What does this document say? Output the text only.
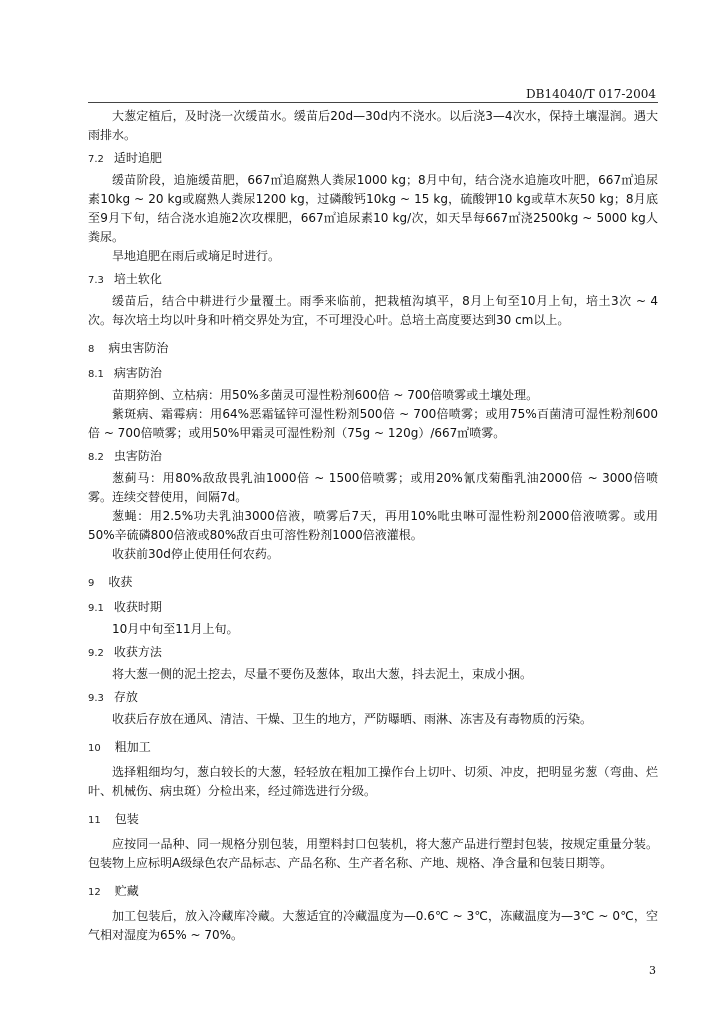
DB14040/T 017-2004

大葱定植后，及时浇一次缓苗水。缓苗后20d—30d内不浇水。以后浇3—4次水，保持土壤湿润。遇大雨排水。

7.2 适时追肥

缓苗阶段，追施缓苗肥，667㎡追腐熟人粪尿1000 kg；8月中旬，结合浇水追施攻叶肥，667㎡追尿素10kg ~ 20 kg或腐熟人粪尿1200 kg，过磷酸钙10kg ~ 15 kg，硫酸钾10 kg或草木灰50 kg；8月底至9月下旬，结合浇水追施2次攻棵肥，667㎡追尿素10 kg/次，如天旱每667㎡浇2500kg ~ 5000 kg人粪尿。

旱地追肥在雨后或墒足时进行。

7.3 培土软化

缓苗后，结合中耕进行少量覆土。雨季来临前，把栽植沟填平，8月上旬至10月上旬，培土3次 ~ 4次。每次培土均以叶身和叶梢交界处为宜，不可埋没心叶。总培土高度要达到30 cm以上。

8 病虫害防治
8.1 病害防治

苗期猝倒、立枯病：用50%多菌灵可湿性粉剂600倍 ~ 700倍喷雾或土壤处理。

紫斑病、霜霉病：用64%恶霜锰锌可湿性粉剂500倍 ~ 700倍喷雾；或用75%百菌清可湿性粉剂600倍 ~ 700倍喷雾；或用50%甲霜灵可湿性粉剂（75g ~ 120g）/667㎡喷雾。

8.2 虫害防治

葱蓟马：用80%敌敌畏乳油1000倍 ~ 1500倍喷雾；或用20%氰戊菊酯乳油2000倍 ~ 3000倍喷雾。连续交替使用，间隔7d。

葱蝇：用2.5%功夫乳油3000倍液，喷雾后7天，再用10%吡虫啉可湿性粉剂2000倍液喷雾。或用50%辛硫磷800倍液或80%敌百虫可溶性粉剂1000倍液灌根。

收获前30d停止使用任何农药。

9 收获
9.1 收获时期

10月中旬至11月上旬。

9.2 收获方法

将大葱一侧的泥土挖去，尽量不要伤及葱体，取出大葱，抖去泥土，束成小捆。

9.3 存放

收获后存放在通风、清洁、干燥、卫生的地方，严防曝晒、雨淋、冻害及有毒物质的污染。

10 粗加工

选择粗细均匀，葱白较长的大葱，轻轻放在粗加工操作台上切叶、切须、冲皮，把明显劣葱（弯曲、烂叶、机械伤、病虫斑）分检出来，经过筛选进行分级。

11 包装

应按同一品种、同一规格分别包装，用塑料封口包装机，将大葱产品进行塑封包装，按规定重量分装。包装物上应标明A级绿色农产品标志、产品名称、生产者名称、产地、规格、净含量和包装日期等。

12 贮藏

加工包装后，放入冷藏库冷藏。大葱适宜的冷藏温度为—0.6℃ ~ 3℃，冻藏温度为—3℃ ~ 0℃，空气相对湿度为65% ~ 70%。

3
